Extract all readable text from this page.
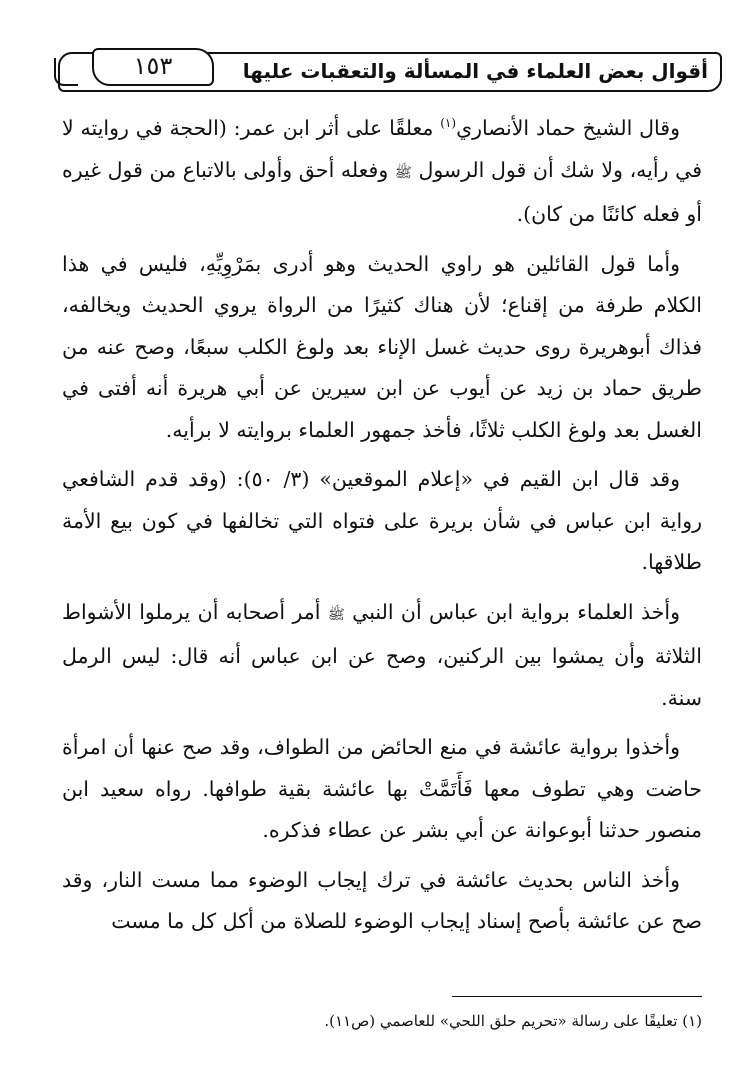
أقوال بعض العلماء في المسألة والتعقبات عليها
١٥٣

وقال الشيخ حماد الأنصاري$^{(١)}$ معلقًا على أثر ابن عمر: (الحجة في روايته لا في رأيه، ولا شك أن قول الرسول ﷺ وفعله أحق وأولى بالاتباع من قول غيره أو فعله كائنًا من كان).

وأما قول القائلين هو راوي الحديث وهو أدرى بمَرْوِيِّهِ، فليس في هذا الكلام طرفة من إقناع؛ لأن هناك كثيرًا من الرواة يروي الحديث ويخالفه، فذاك أبوهريرة روى حديث غسل الإناء بعد ولوغ الكلب سبعًا، وصح عنه من طريق حماد بن زيد عن أيوب عن ابن سيرين عن أبي هريرة أنه أفتى في الغسل بعد ولوغ الكلب ثلاثًا، فأخذ جمهور العلماء بروايته لا برأيه.

وقد قال ابن القيم في «إعلام الموقعين» (٣/ ٥٠): (وقد قدم الشافعي رواية ابن عباس في شأن بريرة على فتواه التي تخالفها في كون بيع الأمة طلاقها.

وأخذ العلماء برواية ابن عباس أن النبي ﷺ أمر أصحابه أن يرملوا الأشواط الثلاثة وأن يمشوا بين الركنين، وصح عن ابن عباس أنه قال: ليس الرمل سنة.

وأخذوا برواية عائشة في منع الحائض من الطواف، وقد صح عنها أن امرأة حاضت وهي تطوف معها فَأَتَمَّتْ بها عائشة بقية طوافها. رواه سعيد ابن منصور حدثنا أبوعوانة عن أبي بشر عن عطاء فذكره.

وأخذ الناس بحديث عائشة في ترك إيجاب الوضوء مما مست النار، وقد صح عن عائشة بأصح إسناد إيجاب الوضوء للصلاة من أكل كل ما مست

(١) تعليقًا على رسالة «تحريم حلق اللحي» للعاصمي (ص١١).
